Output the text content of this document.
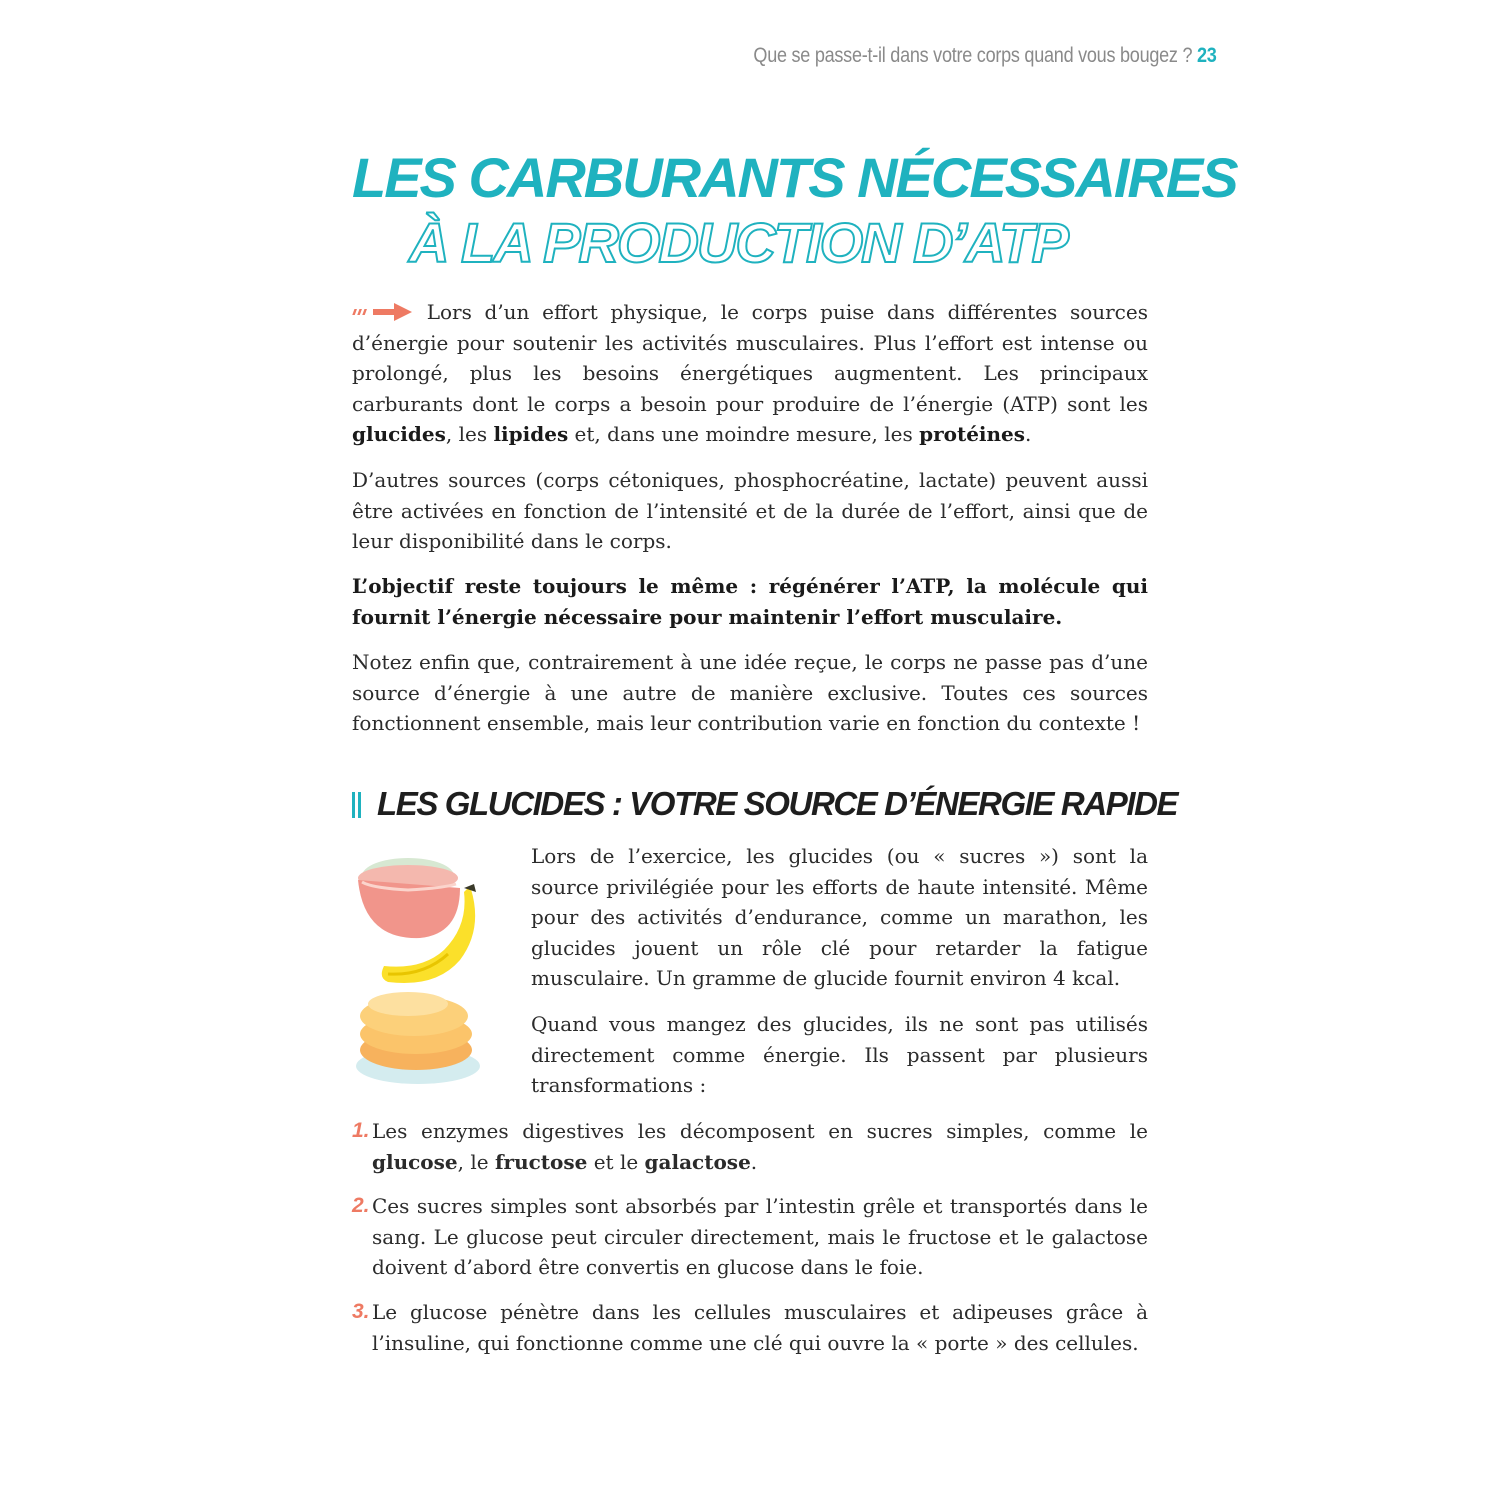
Que se passe-t-il dans votre corps quand vous bougez ? 23
LES CARBURANTS NÉCESSAIRES
À LA PRODUCTION D’ATP

Lors d’un effort physique, le corps puise dans différentes sources d’énergie pour soutenir les activités musculaires. Plus l’effort est intense ou prolongé, plus les besoins énergétiques augmentent. Les principaux carburants dont le corps a besoin pour produire de l’énergie (ATP) sont les glucides, les lipides et, dans une moindre mesure, les protéines.

D’autres sources (corps cétoniques, phosphocréatine, lactate) peuvent aussi être activées en fonction de l’intensité et de la durée de l’effort, ainsi que de leur disponibilité dans le corps.

L’objectif reste toujours le même : régénérer l’ATP, la molécule qui fournit l’énergie nécessaire pour maintenir l’effort musculaire.

Notez enfin que, contrairement à une idée reçue, le corps ne passe pas d’une source d’énergie à une autre de manière exclusive. Toutes ces sources fonctionnent ensemble, mais leur contribution varie en fonction du contexte !

LES GLUCIDES : VOTRE SOURCE D’ÉNERGIE RAPIDE

Lors de l’exercice, les glucides (ou « sucres ») sont la source privilégiée pour les efforts de haute intensité. Même pour des activités d’endurance, comme un marathon, les glucides jouent un rôle clé pour retarder la fatigue musculaire. Un gramme de glucide fournit environ 4 kcal.

Quand vous mangez des glucides, ils ne sont pas utilisés directement comme énergie. Ils passent par plusieurs transformations :

1. Les enzymes digestives les décomposent en sucres simples, comme le glucose, le fructose et le galactose.
2. Ces sucres simples sont absorbés par l’intestin grêle et transportés dans le sang. Le glucose peut circuler directement, mais le fructose et le galactose doivent d’abord être convertis en glucose dans le foie.
3. Le glucose pénètre dans les cellules musculaires et adipeuses grâce à l’insuline, qui fonctionne comme une clé qui ouvre la « porte » des cellules.
